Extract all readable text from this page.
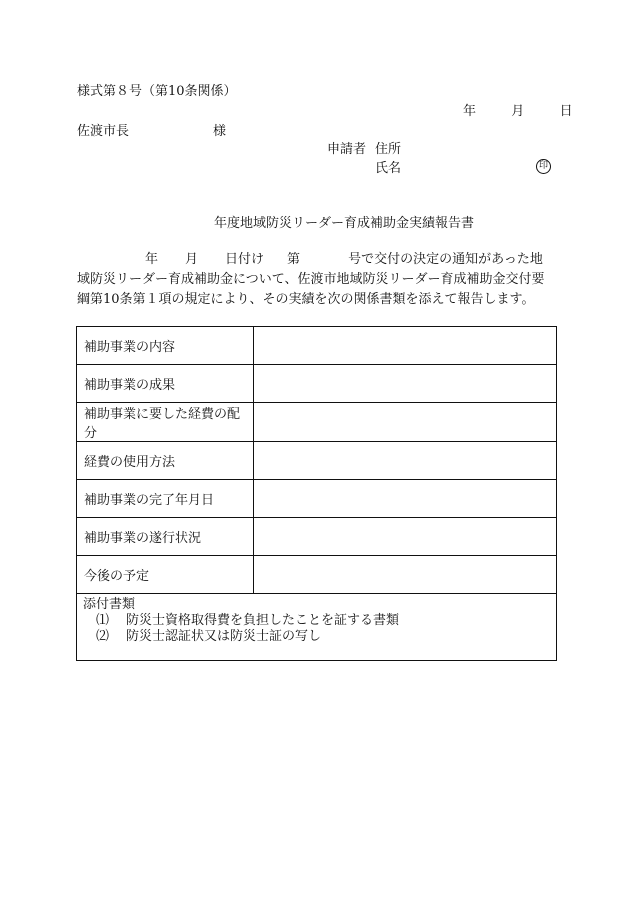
様式第８号（第10条関係）
年	月	日
佐渡市長	様
申請者 住所
氏名	印
年度地域防災リーダー育成補助金実績報告書
年 月 日付け 第	号で交付の決定の通知があった地域防災リーダー育成補助金について、佐渡市地域防災リーダー育成補助金交付要綱第10条第１項の規定により、その実績を次の関係書類を添えて報告します。
補助事業の内容	
補助事業の成果	
補助事業に要した経費の配分	
経費の使用方法	
補助事業の完了年月日	
補助事業の遂行状況	
今後の予定	

添付書類
⑴ 防災士資格取得費を負担したことを証する書類
⑵ 防災士認証状又は防災士証の写し	
